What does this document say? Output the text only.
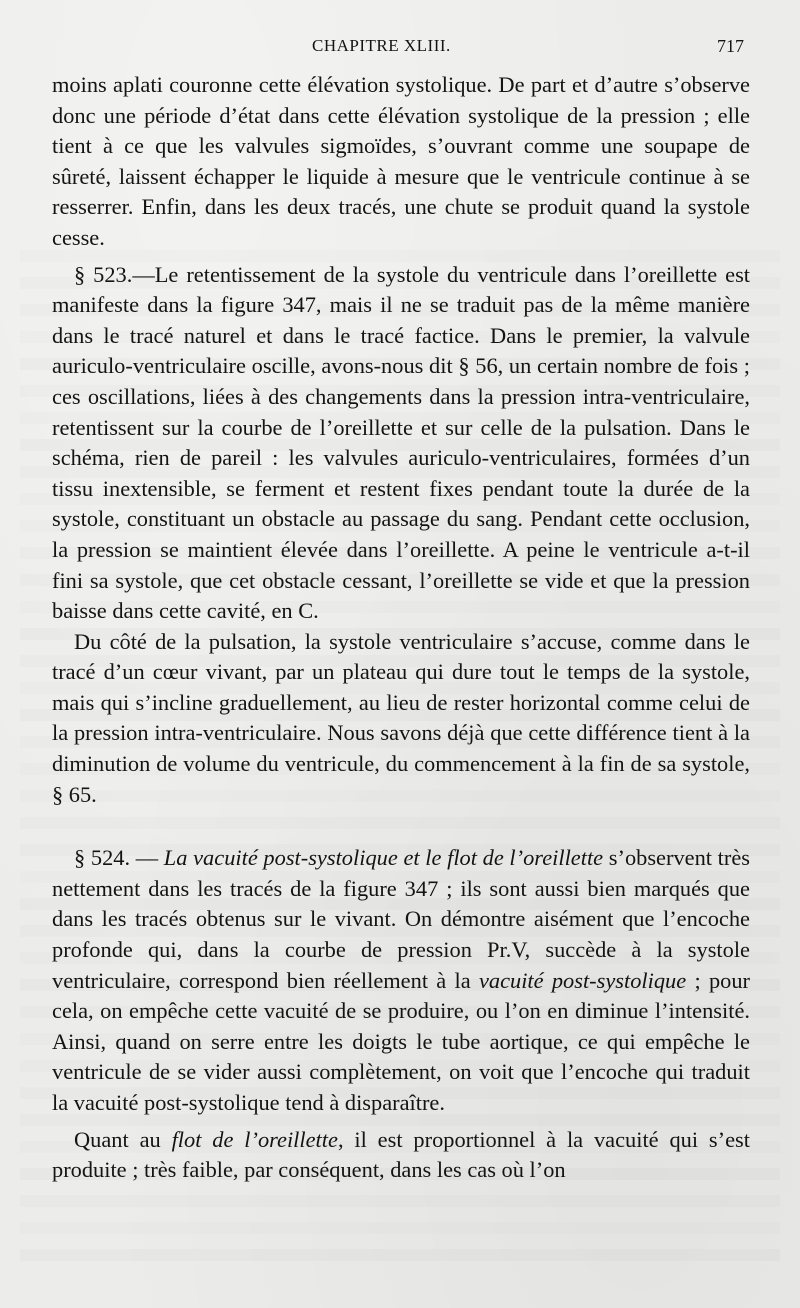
CHAPITRE XLIII.	717

moins aplati couronne cette élévation systolique. De part et d’autre s’observe donc une période d’état dans cette élévation systolique de la pression ; elle tient à ce que les valvules sigmoïdes, s’ouvrant comme une soupape de sûreté, laissent échapper le liquide à mesure que le ventricule continue à se resserrer. Enfin, dans les deux tracés, une chute se produit quand la systole cesse.

§ 523.—Le retentissement de la systole du ventricule dans l’oreillette est manifeste dans la figure 347, mais il ne se traduit pas de la même manière dans le tracé naturel et dans le tracé factice. Dans le premier, la valvule auriculo-ventriculaire oscille, avons-nous dit § 56, un certain nombre de fois ; ces oscillations, liées à des changements dans la pression intra-ventriculaire, retentissent sur la courbe de l’oreillette et sur celle de la pulsation. Dans le schéma, rien de pareil : les valvules auriculo-ventriculaires, formées d’un tissu inextensible, se ferment et restent fixes pendant toute la durée de la systole, constituant un obstacle au passage du sang. Pendant cette occlusion, la pression se maintient élevée dans l’oreillette. A peine le ventricule a-t-il fini sa systole, que cet obstacle cessant, l’oreillette se vide et que la pression baisse dans cette cavité, en C.

Du côté de la pulsation, la systole ventriculaire s’accuse, comme dans le tracé d’un cœur vivant, par un plateau qui dure tout le temps de la systole, mais qui s’incline graduellement, au lieu de rester horizontal comme celui de la pression intra-ventriculaire. Nous savons déjà que cette différence tient à la diminution de volume du ventricule, du commencement à la fin de sa systole, § 65.

§ 524. — La vacuité post-systolique et le flot de l’oreillette s’observent très nettement dans les tracés de la figure 347 ; ils sont aussi bien marqués que dans les tracés obtenus sur le vivant. On démontre aisément que l’encoche profonde qui, dans la courbe de pression Pr.V, succède à la systole ventriculaire, correspond bien réellement à la vacuité post-systolique ; pour cela, on empêche cette vacuité de se produire, ou l’on en diminue l’intensité. Ainsi, quand on serre entre les doigts le tube aortique, ce qui empêche le ventricule de se vider aussi complètement, on voit que l’encoche qui traduit la vacuité post-systolique tend à disparaître.

Quant au flot de l’oreillette, il est proportionnel à la vacuité qui s’est produite ; très faible, par conséquent, dans les cas où l’on
